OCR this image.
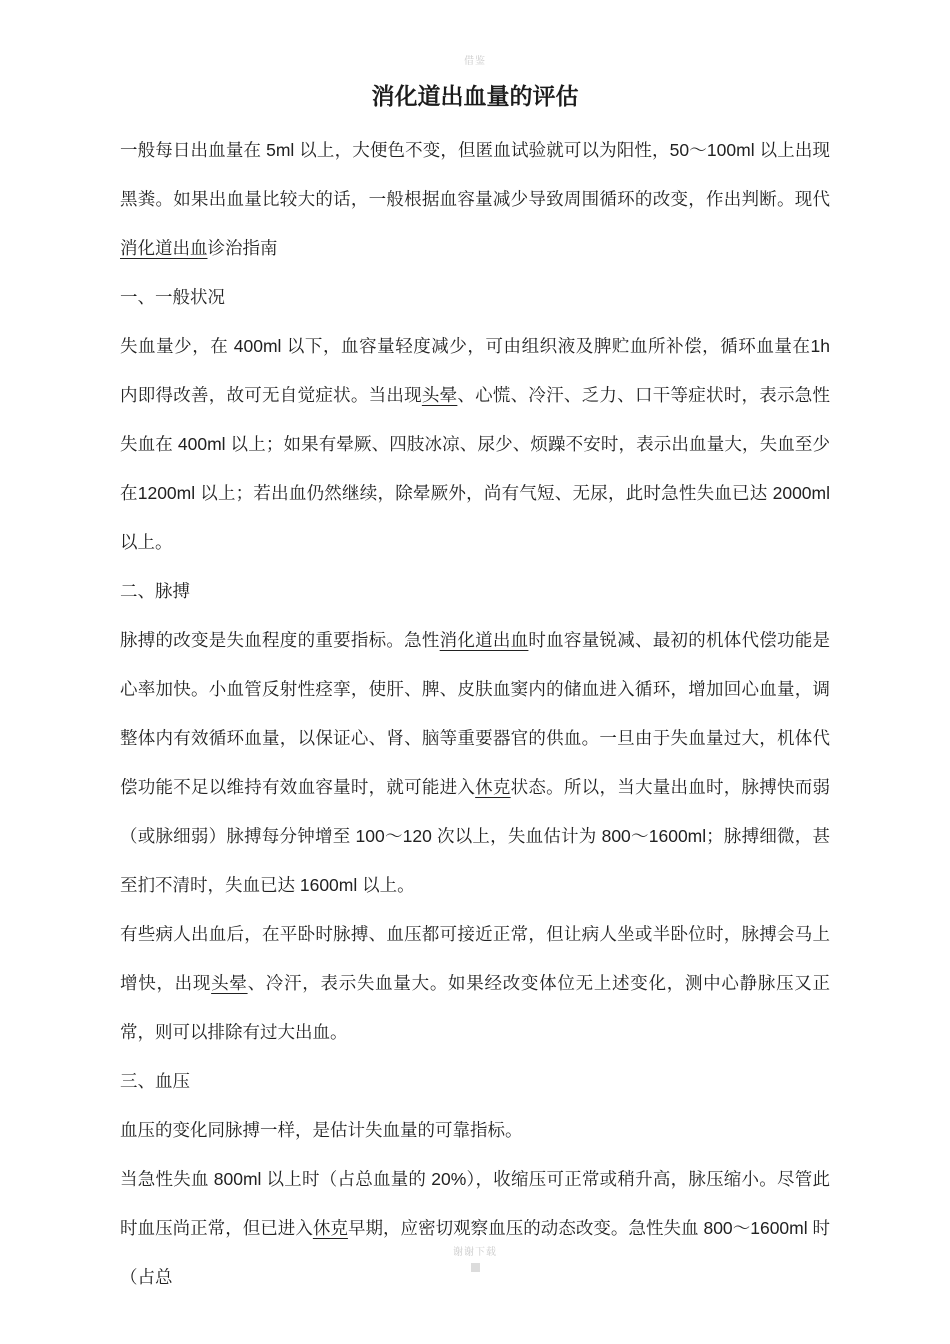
借鉴
消化道出血量的评估

一般每日出血量在 5ml 以上，大便色不变，但匿血试验就可以为阳性，50～100ml 以上出现黑粪。如果出血量比较大的话，一般根据血容量减少导致周围循环的改变，作出判断。现代消化道出血诊治指南

一、一般状况

失血量少，在 400ml 以下，血容量轻度减少，可由组织液及脾贮血所补偿，循环血量在1h 内即得改善，故可无自觉症状。当出现头晕、心慌、冷汗、乏力、口干等症状时，表示急性失血在 400ml 以上；如果有晕厥、四肢冰凉、尿少、烦躁不安时，表示出血量大，失血至少在1200ml 以上；若出血仍然继续，除晕厥外，尚有气短、无尿，此时急性失血已达 2000ml 以上。

二、脉搏

脉搏的改变是失血程度的重要指标。急性消化道出血时血容量锐减、最初的机体代偿功能是心率加快。小血管反射性痉挛，使肝、脾、皮肤血窦内的储血进入循环，增加回心血量，调整体内有效循环血量，以保证心、肾、脑等重要器官的供血。一旦由于失血量过大，机体代偿功能不足以维持有效血容量时，就可能进入休克状态。所以，当大量出血时，脉搏快而弱（或脉细弱）脉搏每分钟增至 100～120 次以上，失血估计为 800～1600ml；脉搏细微，甚至扪不清时，失血已达 1600ml 以上。

有些病人出血后，在平卧时脉搏、血压都可接近正常，但让病人坐或半卧位时，脉搏会马上增快，出现头晕、冷汗，表示失血量大。如果经改变体位无上述变化，测中心静脉压又正常，则可以排除有过大出血。

三、血压

血压的变化同脉搏一样，是估计失血量的可靠指标。

当急性失血 800ml 以上时（占总血量的 20%），收缩压可正常或稍升高，脉压缩小。尽管此时血压尚正常，但已进入休克早期，应密切观察血压的动态改变。急性失血 800～1600ml 时（占总

谢谢下载
